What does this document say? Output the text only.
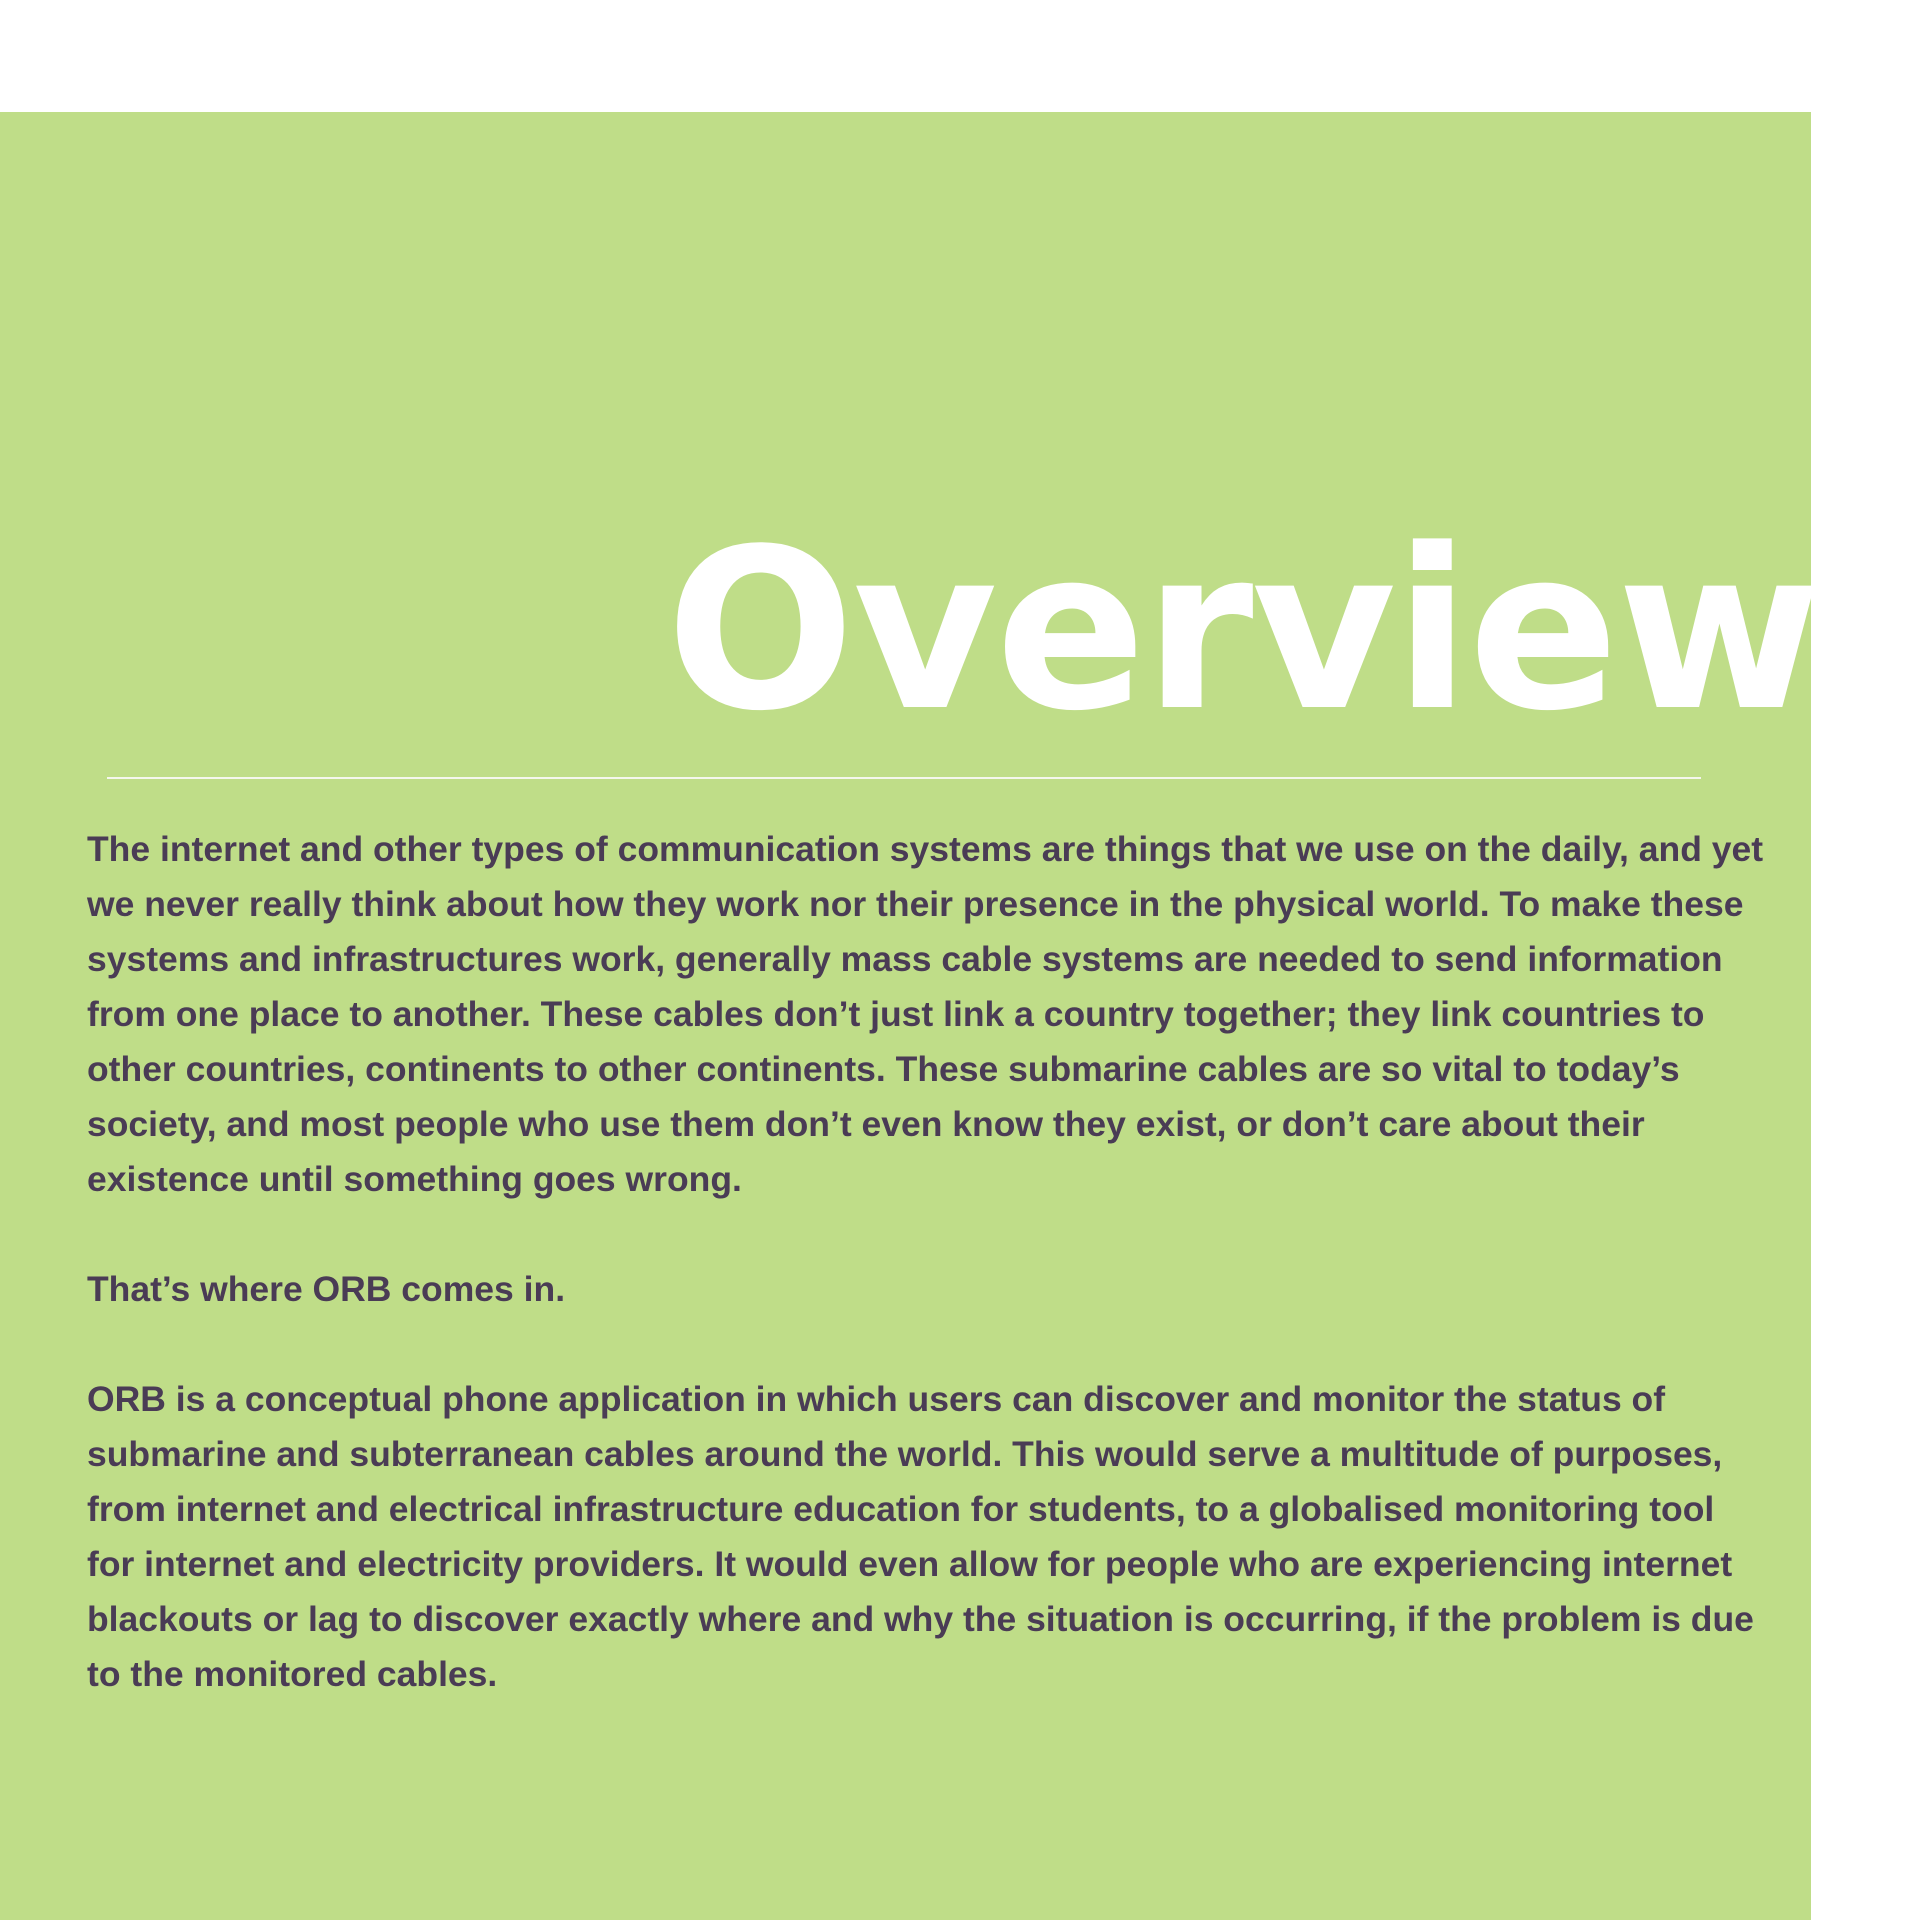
Overview

The internet and other types of communication systems are things that we use on the daily, and yet we never really think about how they work nor their presence in the physical world. To make these systems and infrastructures work, generally mass cable systems are needed to send information from one place to another. These cables don’t just link a country together; they link countries to other countries, continents to other continents. These submarine cables are so vital to today’s society, and most people who use them don’t even know they exist, or don’t care about their existence until something goes wrong.

That’s where ORB comes in.

ORB is a conceptual phone application in which users can discover and monitor the status of submarine and subterranean cables around the world. This would serve a multitude of purposes, from internet and electrical infrastructure education for students, to a globalised monitoring tool for internet and electricity providers. It would even allow for people who are experiencing internet blackouts or lag to discover exactly where and why the situation is occurring, if the problem is due to the monitored cables.
